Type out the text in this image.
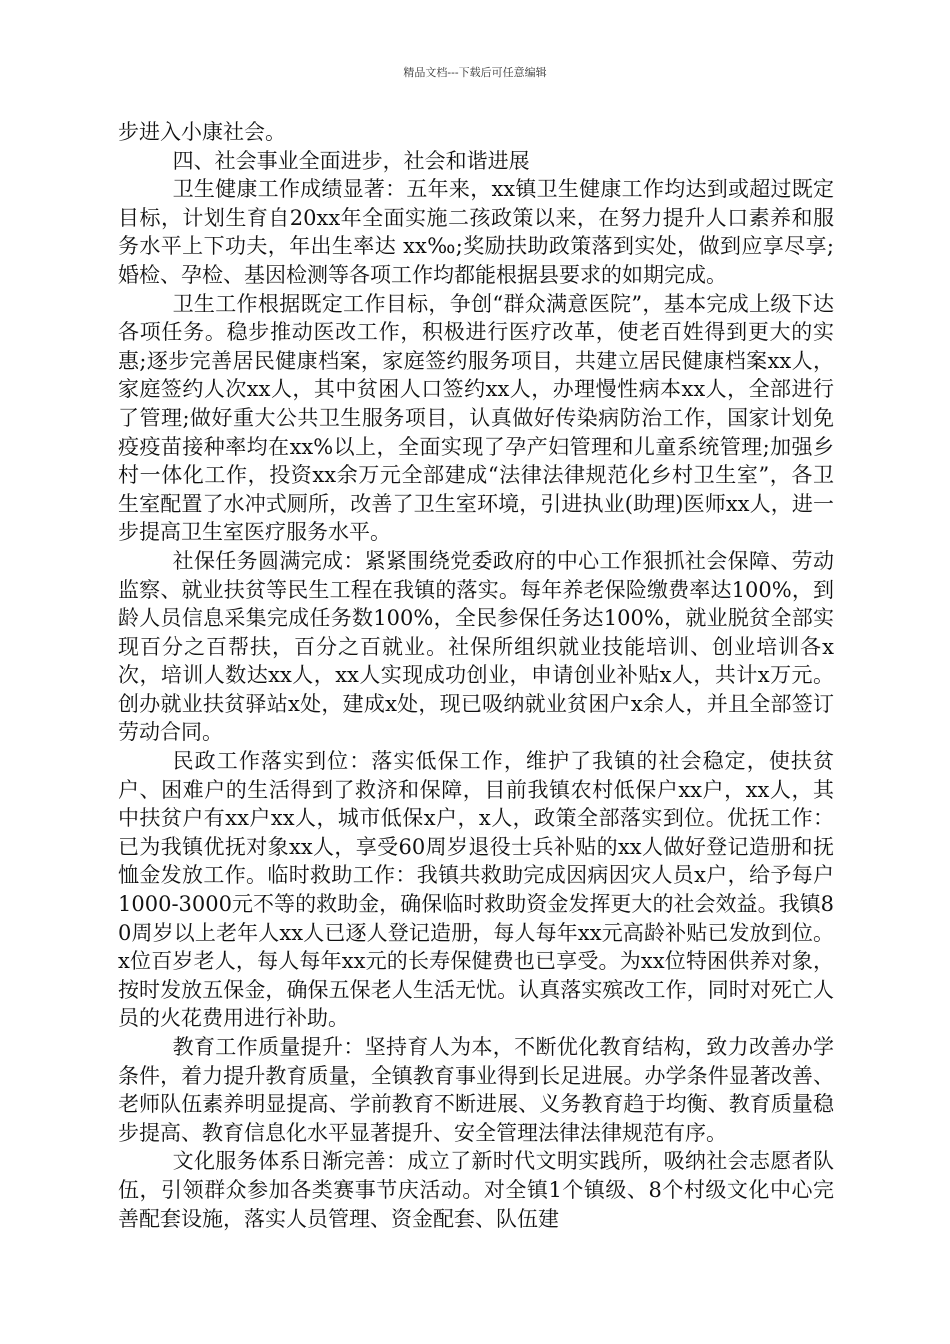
精品文档---下载后可任意编辑

步进入小康社会。

四、社会事业全面进步，社会和谐进展

卫生健康工作成绩显著：五年来，xx镇卫生健康工作均达到或超过既定目标，计划生育自20xx年全面实施二孩政策以来，在努力提升人口素养和服务水平上下功夫，年出生率达 xx‰;奖励扶助政策落到实处，做到应享尽享;婚检、孕检、基因检测等各项工作均都能根据县要求的如期完成。

卫生工作根据既定工作目标，争创“群众满意医院”，基本完成上级下达各项任务。稳步推动医改工作，积极进行医疗改革，使老百姓得到更大的实惠;逐步完善居民健康档案，家庭签约服务项目，共建立居民健康档案xx人，家庭签约人次xx人，其中贫困人口签约xx人，办理慢性病本xx人，全部进行了管理;做好重大公共卫生服务项目，认真做好传染病防治工作，国家计划免疫疫苗接种率均在xx%以上，全面实现了孕产妇管理和儿童系统管理;加强乡村一体化工作，投资xx余万元全部建成“法律法律规范化乡村卫生室”，各卫生室配置了水冲式厕所，改善了卫生室环境，引进执业(助理)医师xx人，进一步提高卫生室医疗服务水平。

社保任务圆满完成：紧紧围绕党委政府的中心工作狠抓社会保障、劳动监察、就业扶贫等民生工程在我镇的落实。每年养老保险缴费率达100%，到龄人员信息采集完成任务数100%，全民参保任务达100%，就业脱贫全部实现百分之百帮扶，百分之百就业。社保所组织就业技能培训、创业培训各x次，培训人数达xx人，xx人实现成功创业，申请创业补贴x人，共计x万元。创办就业扶贫驿站x处，建成x处，现已吸纳就业贫困户x余人，并且全部签订劳动合同。

民政工作落实到位：落实低保工作，维护了我镇的社会稳定，使扶贫户、困难户的生活得到了救济和保障，目前我镇农村低保户xx户，xx人，其中扶贫户有xx户xx人，城市低保x户，x人，政策全部落实到位。优抚工作：已为我镇优抚对象xx人，享受60周岁退役士兵补贴的xx人做好登记造册和抚恤金发放工作。临时救助工作：我镇共救助完成因病因灾人员x户，给予每户1000-3000元不等的救助金，确保临时救助资金发挥更大的社会效益。我镇80周岁以上老年人xx人已逐人登记造册，每人每年xx元高龄补贴已发放到位。x位百岁老人，每人每年xx元的长寿保健费也已享受。为xx位特困供养对象，按时发放五保金，确保五保老人生活无忧。认真落实殡改工作，同时对死亡人员的火花费用进行补助。

教育工作质量提升：坚持育人为本，不断优化教育结构，致力改善办学条件，着力提升教育质量，全镇教育事业得到长足进展。办学条件显著改善、老师队伍素养明显提高、学前教育不断进展、义务教育趋于均衡、教育质量稳步提高、教育信息化水平显著提升、安全管理法律法律规范有序。

文化服务体系日渐完善：成立了新时代文明实践所，吸纳社会志愿者队伍，引领群众参加各类赛事节庆活动。对全镇1个镇级、8个村级文化中心完善配套设施，落实人员管理、资金配套、队伍建
